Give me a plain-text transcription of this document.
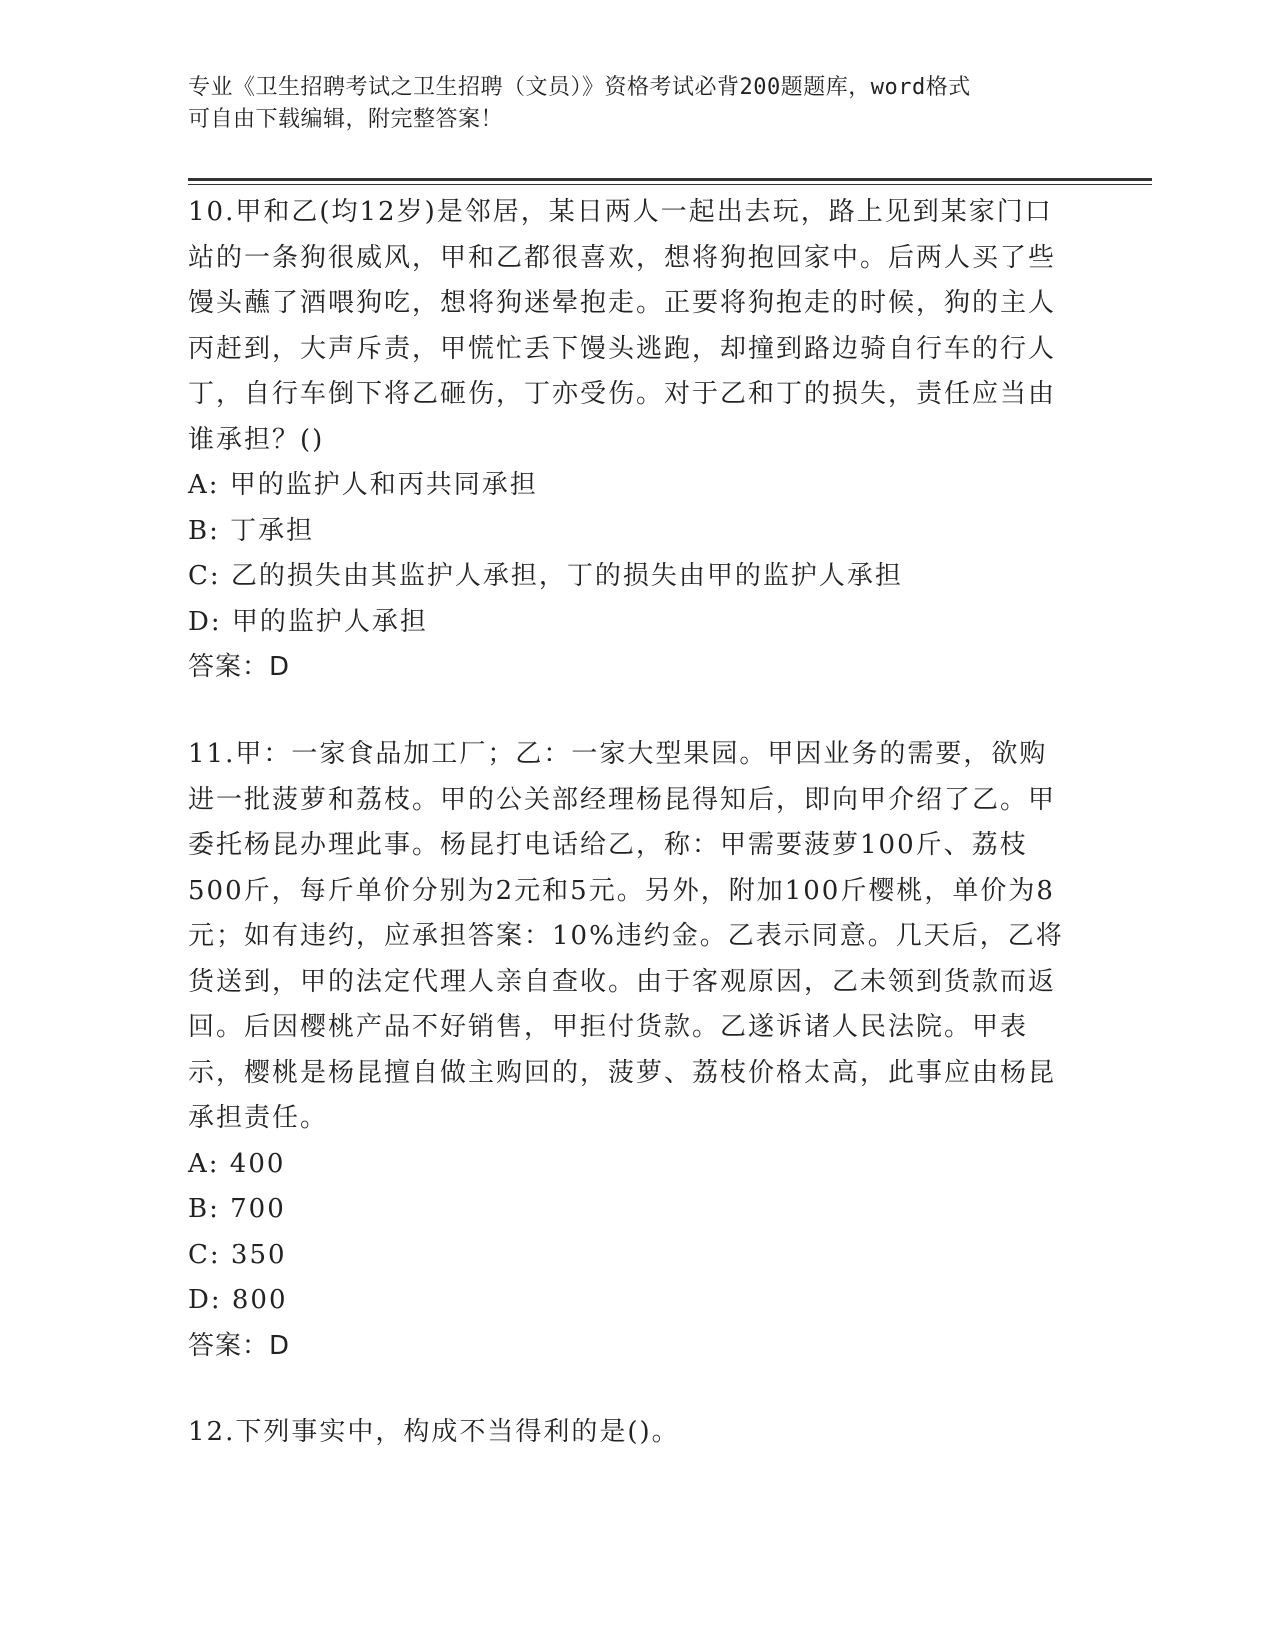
专业《卫生招聘考试之卫生招聘（文员）》资格考试必背200题题库，word格式
可自由下载编辑，附完整答案！

10.甲和乙(均12岁)是邻居，某日两人一起出去玩，路上见到某家门口站的一条狗很威风，甲和乙都很喜欢，想将狗抱回家中。后两人买了些馒头蘸了酒喂狗吃，想将狗迷晕抱走。正要将狗抱走的时候，狗的主人丙赶到，大声斥责，甲慌忙丢下馒头逃跑，却撞到路边骑自行车的行人丁，自行车倒下将乙砸伤，丁亦受伤。对于乙和丁的损失，责任应当由谁承担？()

A: 甲的监护人和丙共同承担
B: 丁承担
C: 乙的损失由其监护人承担，丁的损失由甲的监护人承担
D: 甲的监护人承担
答案：D

11.甲：一家食品加工厂；乙：一家大型果园。甲因业务的需要，欲购进一批菠萝和荔枝。甲的公关部经理杨昆得知后，即向甲介绍了乙。甲委托杨昆办理此事。杨昆打电话给乙，称：甲需要菠萝100斤、荔枝500斤，每斤单价分别为2元和5元。另外，附加100斤樱桃，单价为8元；如有违约，应承担答案：10%违约金。乙表示同意。几天后，乙将货送到，甲的法定代理人亲自查收。由于客观原因，乙未领到货款而返回。后因樱桃产品不好销售，甲拒付货款。乙遂诉诸人民法院。甲表示，樱桃是杨昆擅自做主购回的，菠萝、荔枝价格太高，此事应由杨昆承担责任。

A: 400
B: 700
C: 350
D: 800
答案：D

12.下列事实中，构成不当得利的是()。
